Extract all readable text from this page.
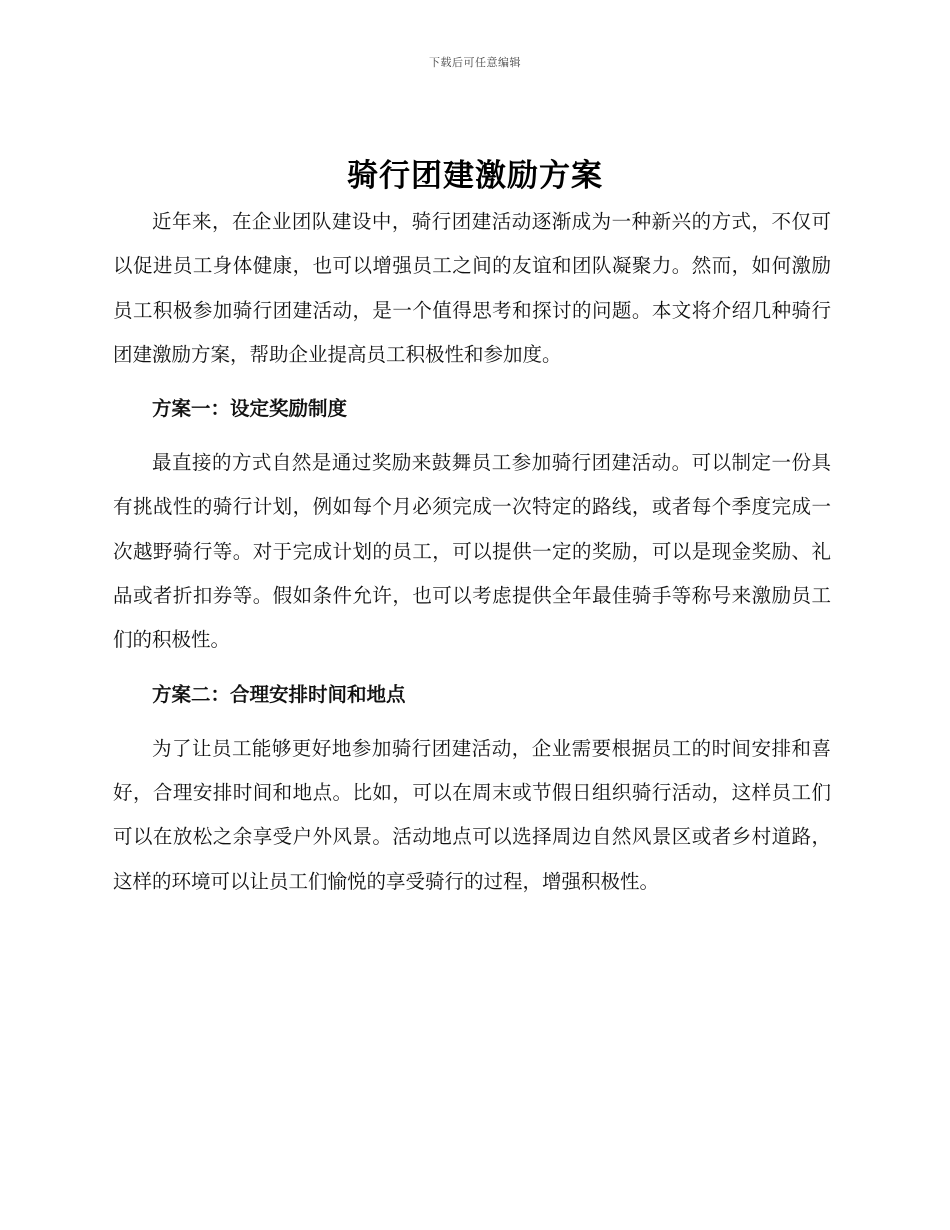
下载后可任意编辑
骑行团建激励方案

近年来，在企业团队建设中，骑行团建活动逐渐成为一种新兴的方式，不仅可以促进员工身体健康，也可以增强员工之间的友谊和团队凝聚力。然而，如何激励员工积极参加骑行团建活动，是一个值得思考和探讨的问题。本文将介绍几种骑行团建激励方案，帮助企业提高员工积极性和参加度。

方案一：设定奖励制度

最直接的方式自然是通过奖励来鼓舞员工参加骑行团建活动。可以制定一份具有挑战性的骑行计划，例如每个月必须完成一次特定的路线，或者每个季度完成一次越野骑行等。对于完成计划的员工，可以提供一定的奖励，可以是现金奖励、礼品或者折扣券等。假如条件允许，也可以考虑提供全年最佳骑手等称号来激励员工们的积极性。

方案二：合理安排时间和地点

为了让员工能够更好地参加骑行团建活动，企业需要根据员工的时间安排和喜好，合理安排时间和地点。比如，可以在周末或节假日组织骑行活动，这样员工们可以在放松之余享受户外风景。活动地点可以选择周边自然风景区或者乡村道路，这样的环境可以让员工们愉悦的享受骑行的过程，增强积极性。
